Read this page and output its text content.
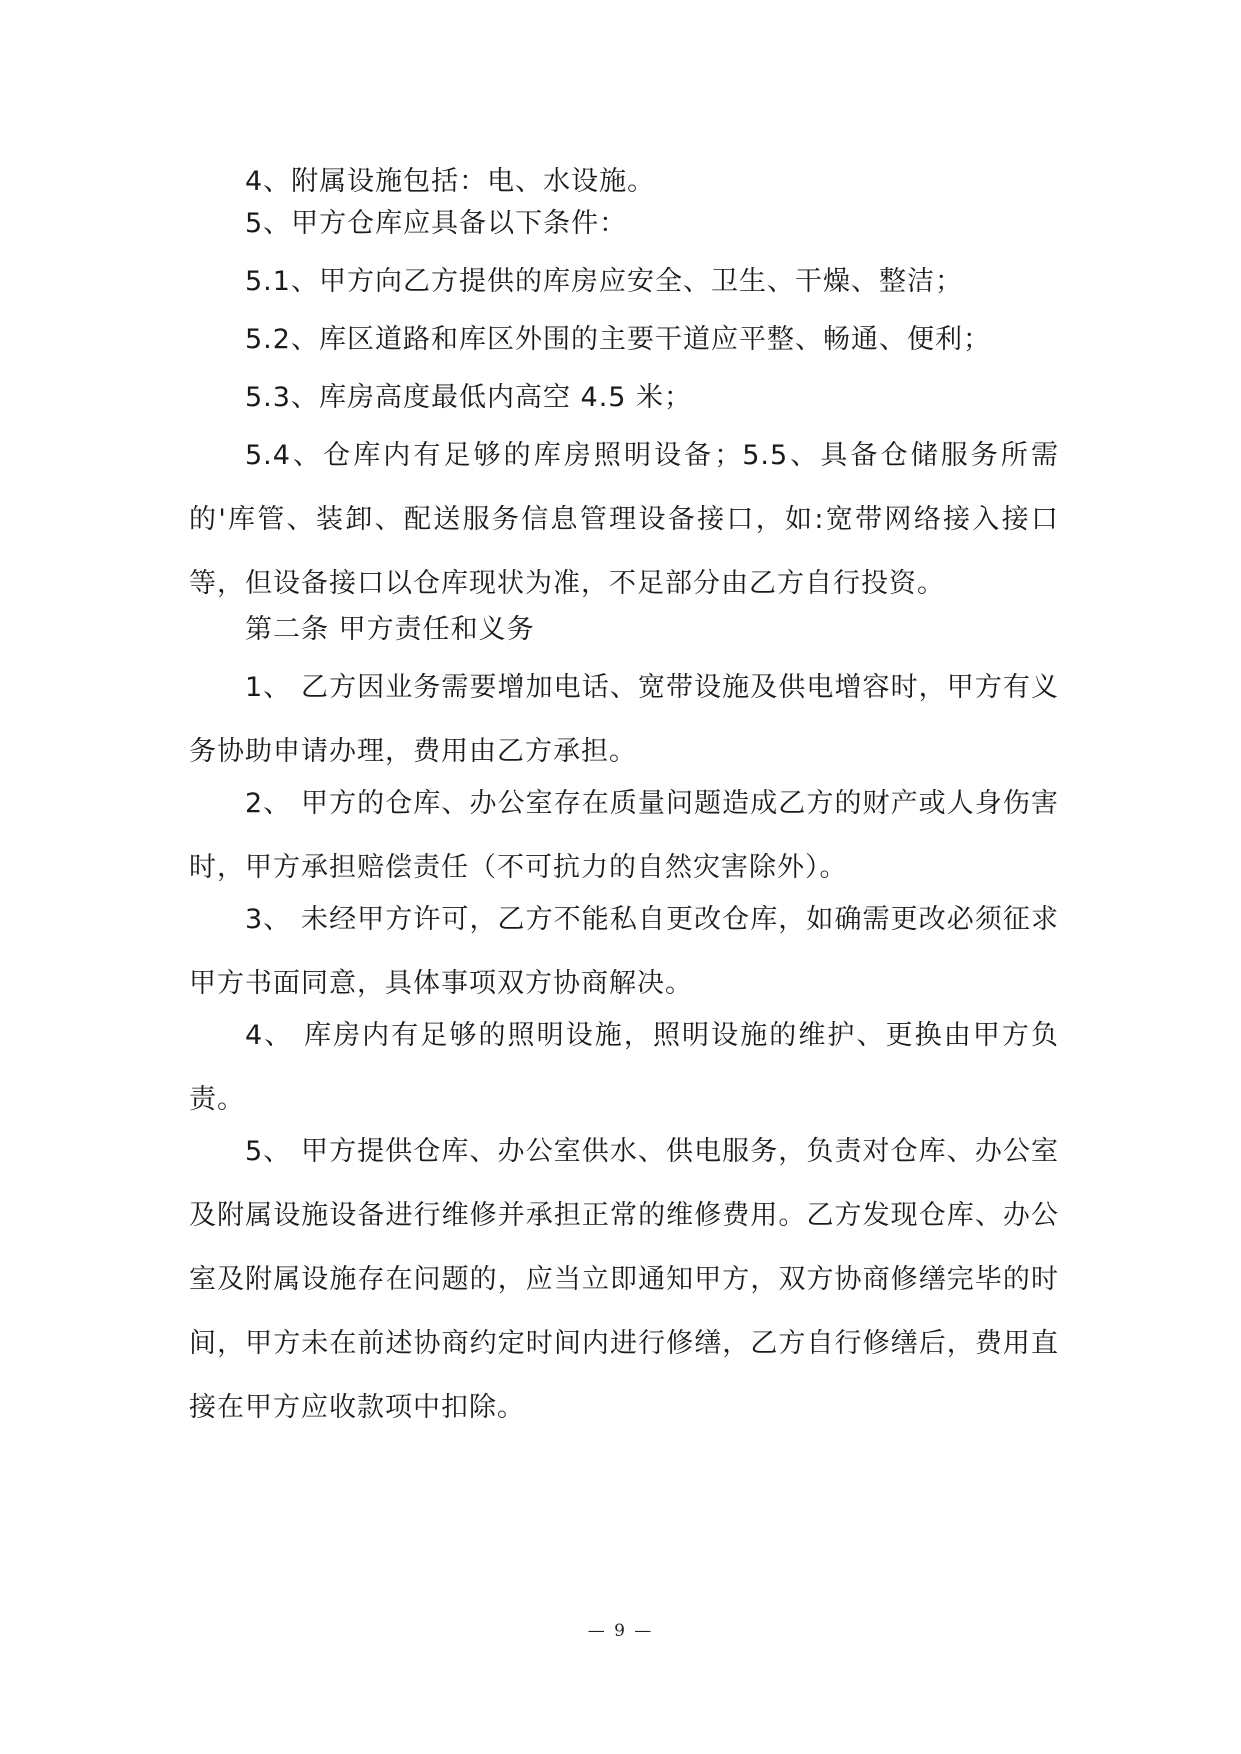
4、附属设施包括：电、水设施。

5、甲方仓库应具备以下条件：

5.1、甲方向乙方提供的库房应安全、卫生、干燥、整洁；

5.2、库区道路和库区外围的主要干道应平整、畅通、便利；

5.3、库房高度最低内高空 4.5 米；

5.4、仓库内有足够的库房照明设备；5.5、具备仓储服务所需的'库管、装卸、配送服务信息管理设备接口，如:宽带网络接入接口等，但设备接口以仓库现状为准，不足部分由乙方自行投资。

第二条 甲方责任和义务

1、 乙方因业务需要增加电话、宽带设施及供电增容时，甲方有义务协助申请办理，费用由乙方承担。

2、 甲方的仓库、办公室存在质量问题造成乙方的财产或人身伤害时，甲方承担赔偿责任（不可抗力的自然灾害除外）。

3、 未经甲方许可，乙方不能私自更改仓库，如确需更改必须征求甲方书面同意，具体事项双方协商解决。

4、 库房内有足够的照明设施，照明设施的维护、更换由甲方负责。

5、 甲方提供仓库、办公室供水、供电服务，负责对仓库、办公室及附属设施设备进行维修并承担正常的维修费用。乙方发现仓库、办公室及附属设施存在问题的，应当立即通知甲方，双方协商修缮完毕的时间，甲方未在前述协商约定时间内进行修缮，乙方自行修缮后，费用直接在甲方应收款项中扣除。

— 9 —
